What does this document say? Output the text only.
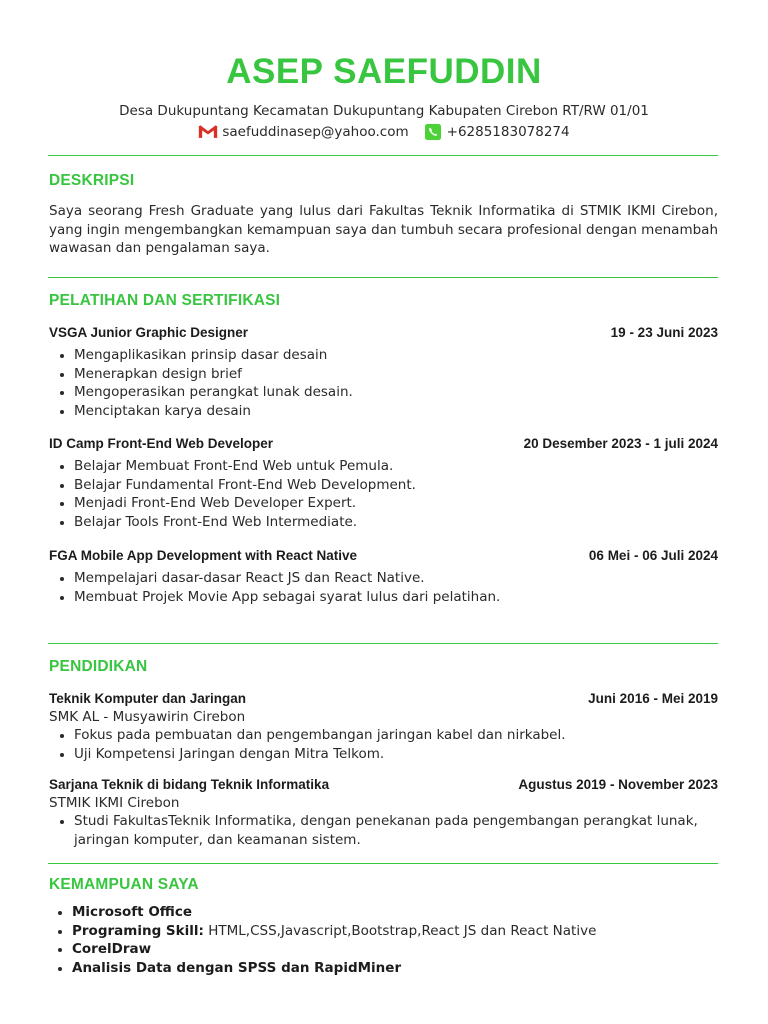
ASEP SAEFUDDIN
Desa Dukupuntang Kecamatan Dukupuntang Kabupaten Cirebon RT/RW 01/01
saefuddinasep@yahoo.com	+6285183078274
DESKRIPSI
Saya seorang Fresh Graduate yang lulus dari Fakultas Teknik Informatika di STMIK IKMI Cirebon,
yang ingin mengembangkan kemampuan saya dan tumbuh secara profesional dengan menambah
wawasan dan pengalaman saya.
PELATIHAN DAN SERTIFIKASI
VSGA Junior Graphic Designer	19 - 23 Juni 2023
Mengaplikasikan prinsip dasar desain
Menerapkan design brief
Mengoperasikan perangkat lunak desain.
Menciptakan karya desain
ID Camp Front-End Web Developer	20 Desember 2023 - 1 juli 2024
Belajar Membuat Front-End Web untuk Pemula.
Belajar Fundamental Front-End Web Development.
Menjadi Front-End Web Developer Expert.
Belajar Tools Front-End Web Intermediate.
FGA Mobile App Development with React Native	06 Mei - 06 Juli 2024
Mempelajari dasar-dasar React JS dan React Native.
Membuat Projek Movie App sebagai syarat lulus dari pelatihan.
PENDIDIKAN
Teknik Komputer dan Jaringan	Juni 2016 - Mei 2019
SMK AL - Musyawirin Cirebon
Fokus pada pembuatan dan pengembangan jaringan kabel dan nirkabel.
Uji Kompetensi Jaringan dengan Mitra Telkom.
Sarjana Teknik di bidang Teknik Informatika	Agustus 2019 - November 2023
STMIK IKMI Cirebon
Studi FakultasTeknik Informatika, dengan penekanan pada pengembangan perangkat lunak, jaringan komputer, dan keamanan sistem.
KEMAMPUAN SAYA
Microsoft Office
Programing Skill: HTML,CSS,Javascript,Bootstrap,React JS dan React Native
CorelDraw
Analisis Data dengan SPSS dan RapidMiner
